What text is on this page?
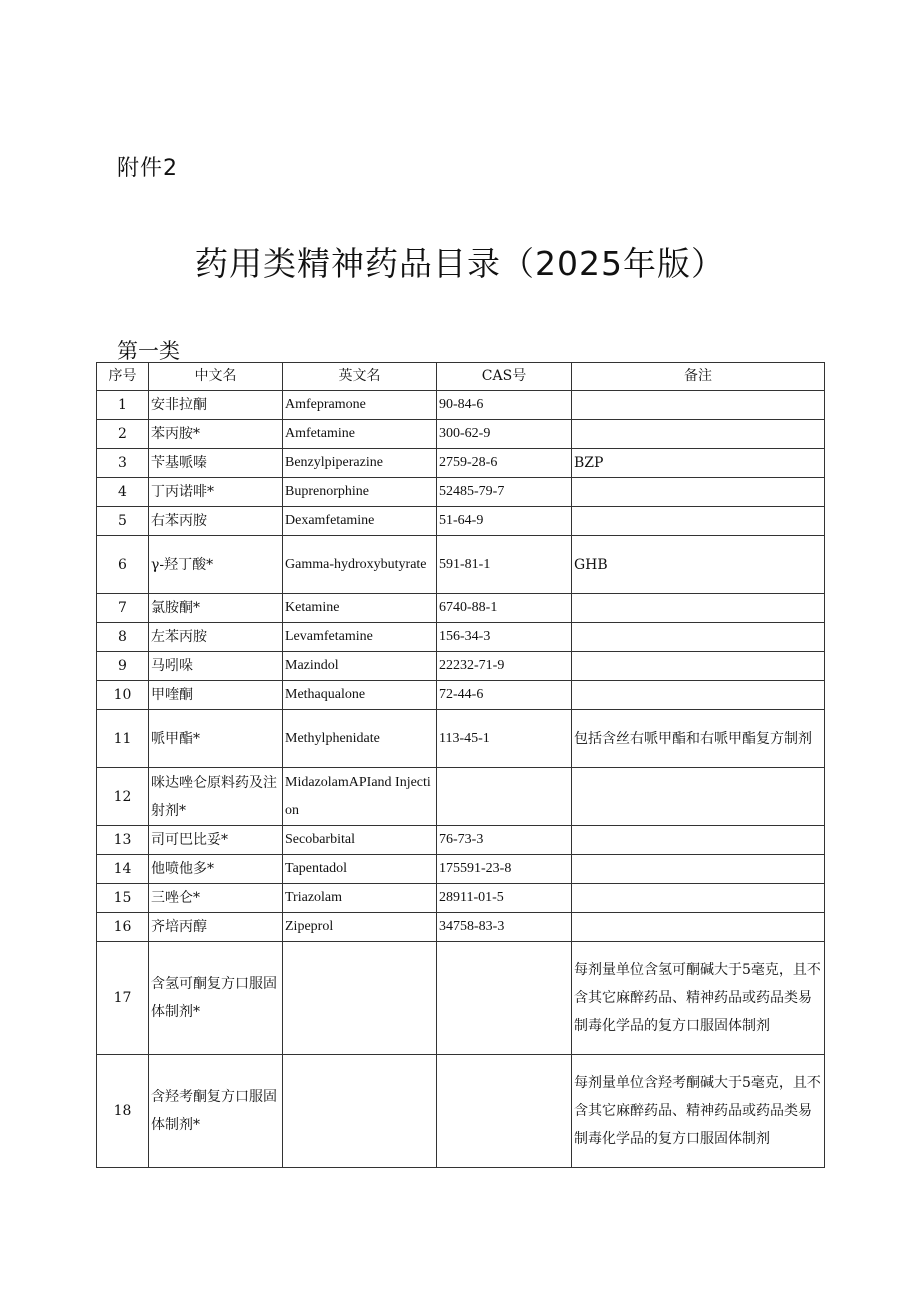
附件2
药用类精神药品目录（2025年版）
第一类
序号	中文名	英文名	CAS号	备注
1	安非拉酮	Amfepramone	90-84-6	
2	苯丙胺*	Amfetamine	300-62-9	
3	苄基哌嗪	Benzylpiperazine	2759-28-6	BZP
4	丁丙诺啡*	Buprenorphine	52485-79-7	
5	右苯丙胺	Dexamfetamine	51-64-9	
6	γ-羟丁酸*	Gamma-hydroxybutyrate	591-81-1	GHB
7	氯胺酮*	Ketamine	6740-88-1	
8	左苯丙胺	Levamfetamine	156-34-3	
9	马吲哚	Mazindol	22232-71-9	
10	甲喹酮	Methaqualone	72-44-6	
11	哌甲酯*	Methylphenidate	113-45-1	包括含丝右哌甲酯和右哌甲酯复方制剂
12	咪达唑仑原料药及注射剂*	MidazolamAPIand Injection		
13	司可巴比妥*	Secobarbital	76-73-3	
14	他喷他多*	Tapentadol	175591-23-8	
15	三唑仑*	Triazolam	28911-01-5	
16	齐培丙醇	Zipeprol	34758-83-3	
17	含氢可酮复方口服固体制剂*			每剂量单位含氢可酮碱大于5毫克，且不含其它麻醉药品、精神药品或药品类易制毒化学品的复方口服固体制剂
18	含羟考酮复方口服固体制剂*			每剂量单位含羟考酮碱大于5毫克，且不含其它麻醉药品、精神药品或药品类易制毒化学品的复方口服固体制剂
